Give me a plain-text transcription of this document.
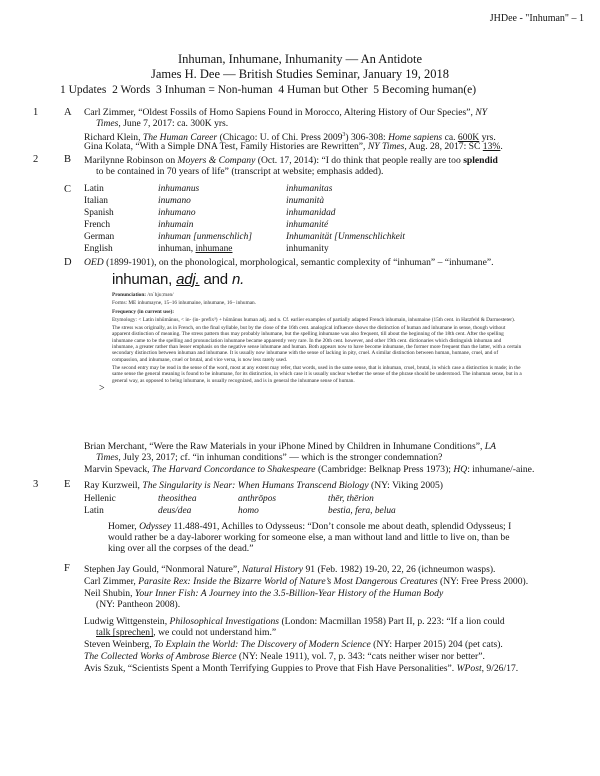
JHDee - "Inhuman" – 1
Inhuman, Inhumane, Inhumanity — An Antidote
James H. Dee — British Studies Seminar, January 19, 2018
1 Updates 2 Words 3 Inhuman = Non-human 4 Human but Other 5 Becoming human(e)
1 A Carl Zimmer, “Oldest Fossils of Homo Sapiens Found in Morocco, Altering History of Our Species”, NY
Times, June 7, 2017: ca. 300K yrs.
Richard Klein, The Human Career (Chicago: U. of Chi. Press 2009$^3$) 306-308: Home sapiens ca. 600K yrs.
Gina Kolata, “With a Simple DNA Test, Family Histories are Rewritten”, NY Times, Aug. 28, 2017: SC 13%.
2 B Marilynne Robinson on Moyers & Company (Oct. 17, 2014): “I do think that people really are too splendid
to be contained in 70 years of life” (transcript at website; emphasis added).
C Latin	inhumanus	inhumanitas
Italian	inumano	inumanità
Spanish	inhumano	inhumanidad
French	inhumain	inhumanité
German	inhuman [unmenschlich]	Inhumanität [Unmenschlichkeit
English	inhuman, inhumane	inhumanity
D OED (1899-1901), on the phonological, morphological, semantic complexity of “inhuman” – “inhumane”.
inhuman, adj. and n.
Pronunciation: /ɪnˈhjuːmən/
Forms: ME inhumayne, 15–16 inhumaine, inhumane, 16– inhuman.
Frequency (in current use):
Etymology: < Latin inhūmānus, < in- (in- prefix³) + hūmānus human adj. and n. Cf. earlier examples of partially adapted French inhumain, inhumaine (15th cent. in Hatzfeld & Darmesteter).
The stress was originally, as in French, on the final syllable, but by the close of the 16th cent. analogical influence shows the distinction of human and inhumane in sense, though without apparent distinction of meaning. The stress pattern thus may probably inhumane, but the spelling inhumane was also frequent, till about the beginning of the 18th cent. After the spelling inhumane came to be the spelling and pronunciation inhumane became apparently very rare. In the 20th cent. however, and other 19th cent. dictionaries which distinguish inhuman and inhumane, a greater rather than lesser emphasis on the negative sense inhumane and human. Both appears now to have become inhumane, the former more frequent than the latter, with a certain secondary distinction between inhuman and inhumane. It is usually now inhumane with the sense of lacking in pity, cruel. A similar distinction between human, humane, cruel, and of compassion, and inhumane, cruel or brutal, and vice versa, is now less rarely used.
The second entry may be read in the sense of the word, most at any extent may refer, that words, used in the same sense, that is inhuman, cruel, brutal, in which case a distinction is made; in the same sense the general meaning is found to be inhumane, for its distinction, in which case it is usually unclear whether the sense of the phrase should be understood. The inhuman sense, but in a general way, as opposed to being inhumane, is usually recognized, and is in general the inhumane sense of human.
>
Brian Merchant, “Were the Raw Materials in your iPhone Mined by Children in Inhumane Conditions”, LA
Times, July 23, 2017; cf. “in inhuman conditions” — which is the stronger condemnation?
Marvin Spevack, The Harvard Concordance to Shakespeare (Cambridge: Belknap Press 1973); HQ: inhumane/-aine.
3 E Ray Kurzweil, The Singularity is Near: When Humans Transcend Biology (NY: Viking 2005)
Hellenic	theosithea	anthrōpos	thēr, thērion
Latin	deus/dea	homo	bestia, fera, belua
Homer, Odyssey 11.488-491, Achilles to Odysseus: “Don’t console me about death, splendid Odysseus; I
would rather be a day-laborer working for someone else, a man without land and little to live on, than be
king over all the corpses of the dead.”
F Stephen Jay Gould, “Nonmoral Nature”, Natural History 91 (Feb. 1982) 19-20, 22, 26 (ichneumon wasps).
Carl Zimmer, Parasite Rex: Inside the Bizarre World of Nature’s Most Dangerous Creatures (NY: Free Press 2000).
Neil Shubin, Your Inner Fish: A Journey into the 3.5-Billion-Year History of the Human Body
(NY: Pantheon 2008).
Ludwig Wittgenstein, Philosophical Investigations (London: Macmillan 1958) Part II, p. 223: “If a lion could
talk [sprechen], we could not understand him.”
Steven Weinberg, To Explain the World: The Discovery of Modern Science (NY: Harper 2015) 204 (pet cats).
The Collected Works of Ambrose Bierce (NY: Neale 1911), vol. 7, p. 343: “cats neither wiser nor better”.
Avis Szuk, “Scientists Spent a Month Terrifying Guppies to Prove that Fish Have Personalities”. WPost, 9/26/17.
